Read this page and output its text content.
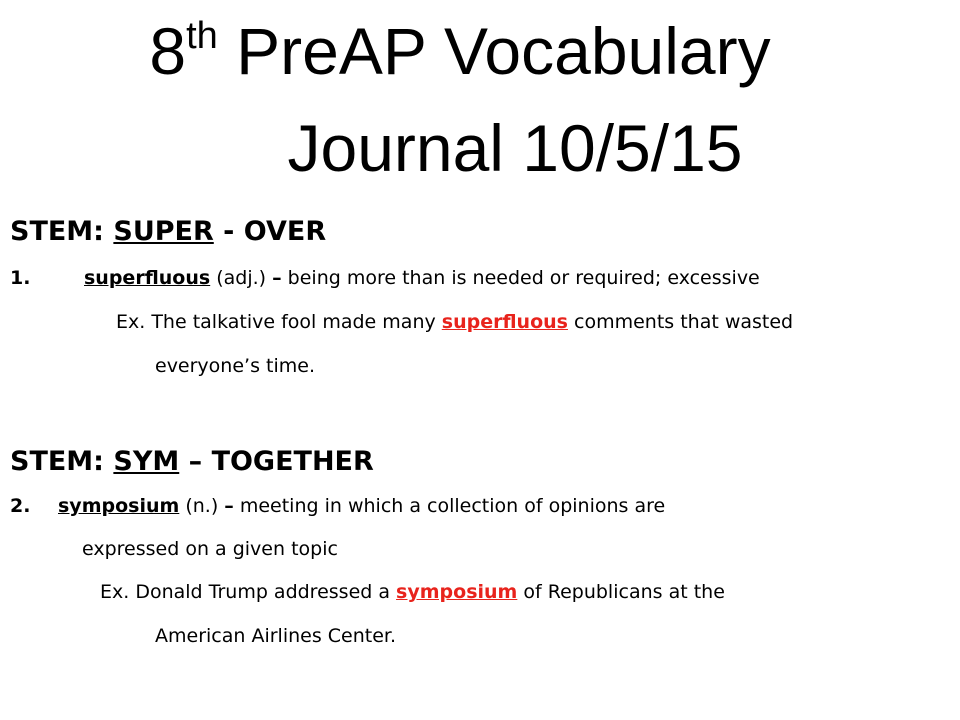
8th PreAP Vocabulary
Journal 10/5/15
STEM: SUPER - OVER
1.	superfluous (adj.) – being more than is needed or required; excessive
Ex. The talkative fool made many superfluous comments that wasted
everyone’s time.
STEM: SYM – TOGETHER
2. symposium (n.) – meeting in which a collection of opinions are
expressed on a given topic
Ex. Donald Trump addressed a symposium of Republicans at the
American Airlines Center.
